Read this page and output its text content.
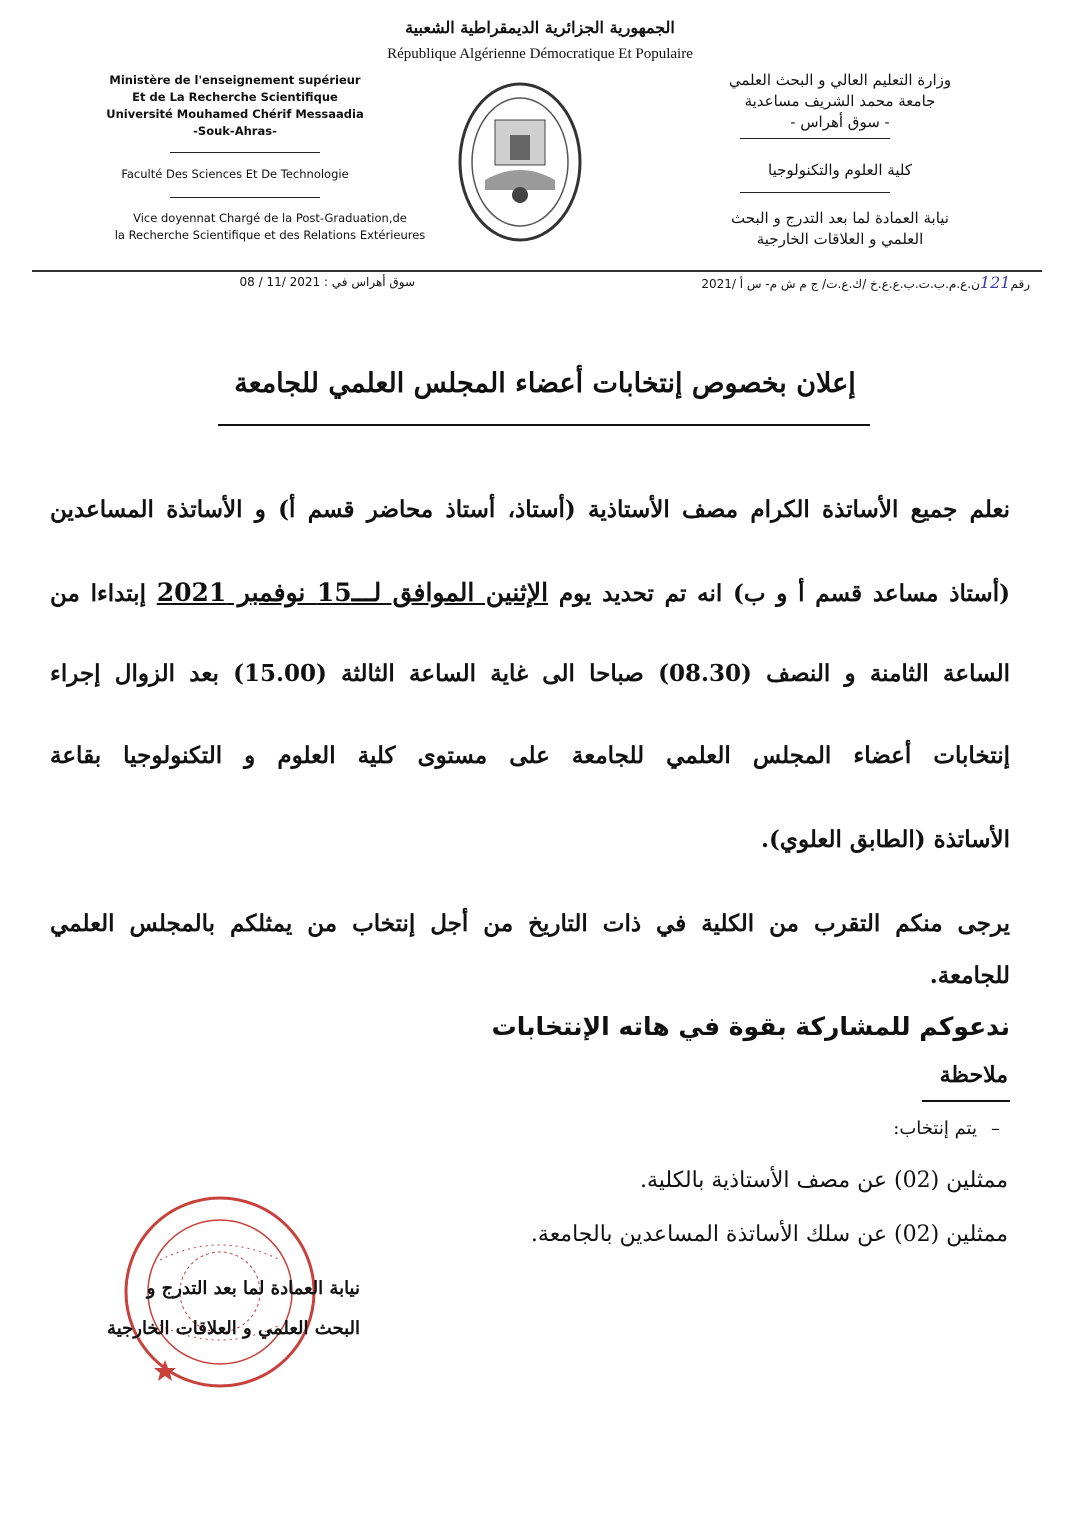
الجمهورية الجزائرية الديمقراطية الشعبية
République Algérienne Démocratique Et Populaire
Ministère de l'enseignement supérieur
Et de La Recherche Scientifique
Université Mouhamed Chérif Messaadia
-Souk-Ahras-
Faculté Des Sciences Et De Technologie
Vice doyennat Chargé de la Post-Graduation,de
la Recherche Scientifique et des Relations Extérieures
وزارة التعليم العالي و البحث العلمي
جامعة محمد الشريف مساعدية
- سوق أهراس -
كلية العلوم والتكنولوجيا
نيابة العمادة لما بعد التدرج و البحث
العلمي و العلاقات الخارجية
رقم121ن.ع.م.ب.ت.ب.ع.ع.خ /ك.ع.ت/ ج م ش م- س أ /2021
سوق أهراس في : 08 / 11/ 2021
إعلان بخصوص إنتخابات أعضاء المجلس العلمي للجامعة
نعلم جميع الأساتذة الكرام مصف الأستاذية (أستاذ، أستاذ محاضر قسم أ) و الأساتذة المساعدين
(أستاذ مساعد قسم أ و ب) انه تم تحديد يوم الإثنين الموافق لـــ15 نوفمبر 2021 إبتداءا من
الساعة الثامنة و النصف (08.30) صباحا الى غاية الساعة الثالثة (15.00) بعد الزوال إجراء
إنتخابات أعضاء المجلس العلمي للجامعة على مستوى كلية العلوم و التكنولوجيا بقاعة
الأساتذة (الطابق العلوي).
يرجى منكم التقرب من الكلية في ذات التاريخ من أجل إنتخاب من يمثلكم بالمجلس العلمي
للجامعة.
ندعوكم للمشاركة بقوة في هاته الإنتخابات
ملاحظة
–يتم إنتخاب:
ممثلين (02) عن مصف الأستاذية بالكلية.
ممثلين (02) عن سلك الأساتذة المساعدين بالجامعة.
نيابة العمادة لما بعد التدرج و
البحث العلمي و العلاقات الخارجية
